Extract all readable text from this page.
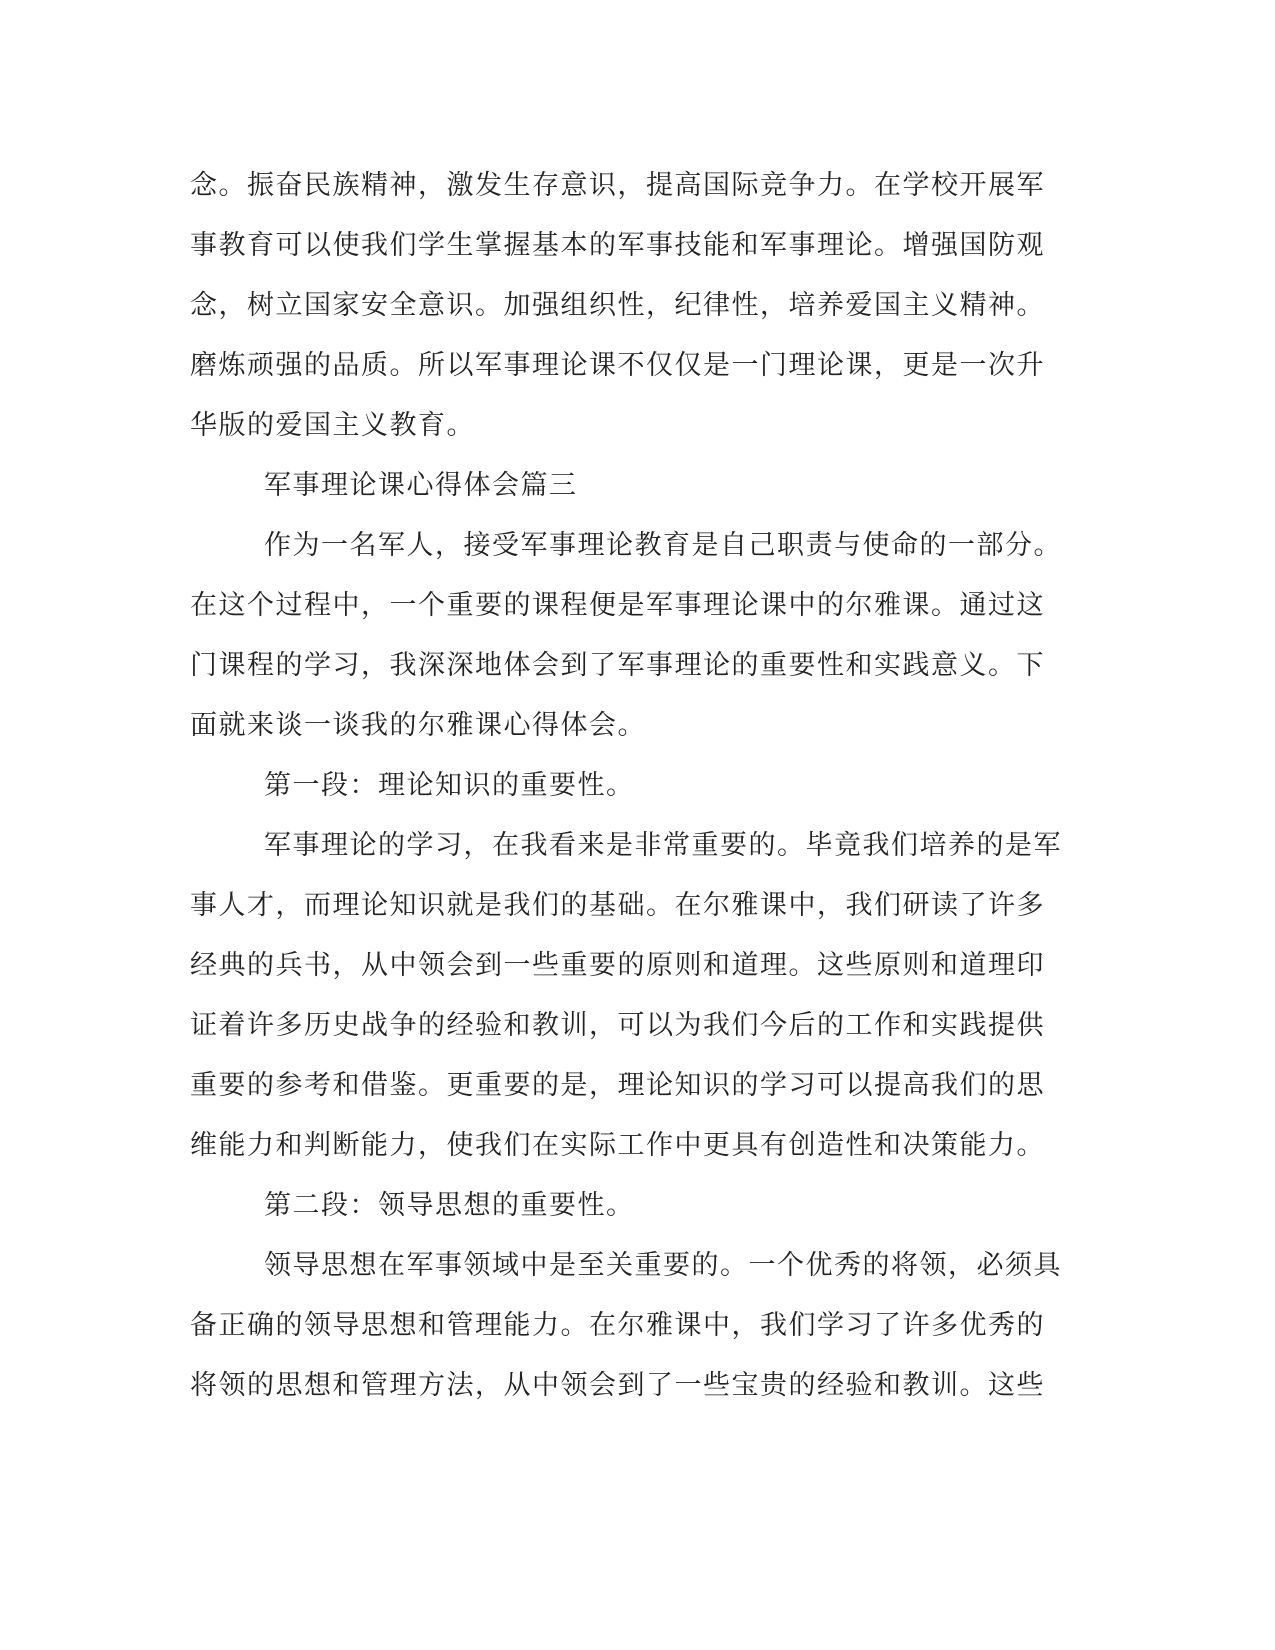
念。振奋民族精神，激发生存意识，提高国际竞争力。在学校开展军
事教育可以使我们学生掌握基本的军事技能和军事理论。增强国防观
念，树立国家安全意识。加强组织性，纪律性，培养爱国主义精神。
磨炼顽强的品质。所以军事理论课不仅仅是一门理论课，更是一次升
华版的爱国主义教育。
军事理论课心得体会篇三
作为一名军人，接受军事理论教育是自己职责与使命的一部分。
在这个过程中，一个重要的课程便是军事理论课中的尔雅课。通过这
门课程的学习，我深深地体会到了军事理论的重要性和实践意义。下
面就来谈一谈我的尔雅课心得体会。
第一段：理论知识的重要性。
军事理论的学习，在我看来是非常重要的。毕竟我们培养的是军
事人才，而理论知识就是我们的基础。在尔雅课中，我们研读了许多
经典的兵书，从中领会到一些重要的原则和道理。这些原则和道理印
证着许多历史战争的经验和教训，可以为我们今后的工作和实践提供
重要的参考和借鉴。更重要的是，理论知识的学习可以提高我们的思
维能力和判断能力，使我们在实际工作中更具有创造性和决策能力。
第二段：领导思想的重要性。
领导思想在军事领域中是至关重要的。一个优秀的将领，必须具
备正确的领导思想和管理能力。在尔雅课中，我们学习了许多优秀的
将领的思想和管理方法，从中领会到了一些宝贵的经验和教训。这些
